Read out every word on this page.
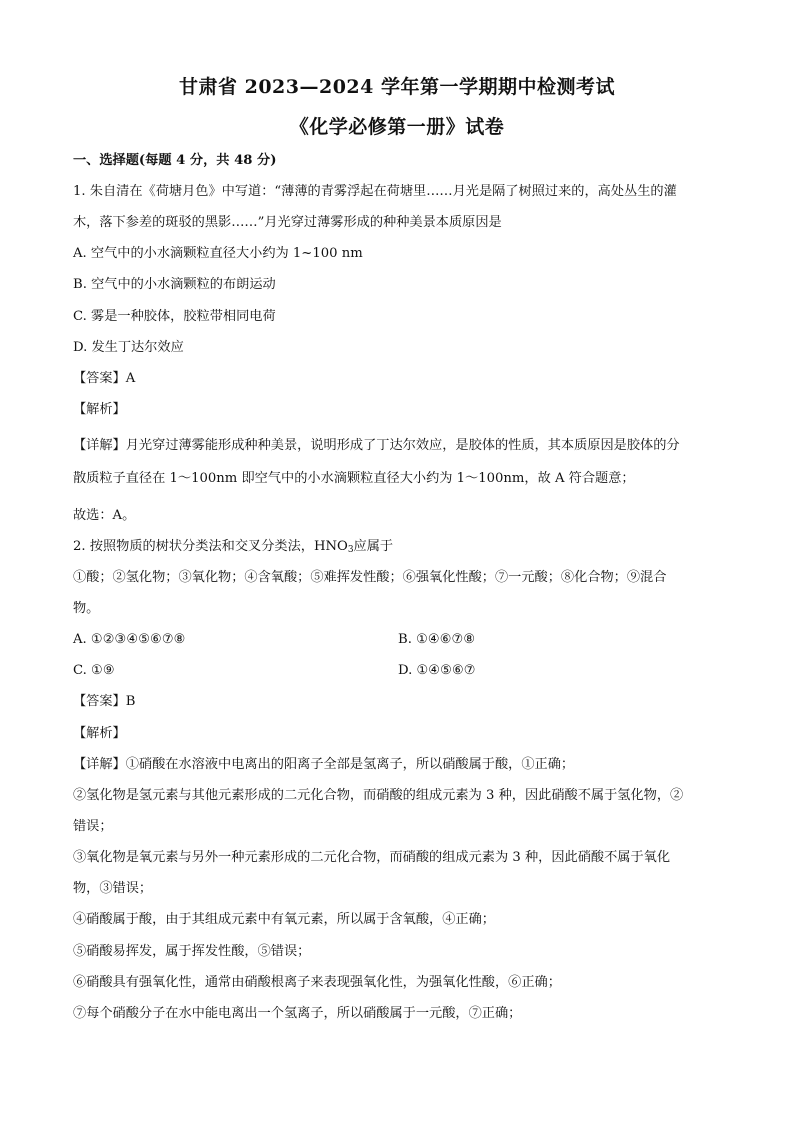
甘肃省 2023—2024 学年第一学期期中检测考试
《化学必修第一册》试卷
一、选择题(每题 4 分，共 48 分)
1. 朱自清在《荷塘月色》中写道：“薄薄的青雾浮起在荷塘里……月光是隔了树照过来的，高处丛生的灌
木，落下参差的斑驳的黑影……”月光穿过薄雾形成的种种美景本质原因是
A. 空气中的小水滴颗粒直径大小约为 1~100 nm
B. 空气中的小水滴颗粒的布朗运动
C. 雾是一种胶体，胶粒带相同电荷
D. 发生丁达尔效应
【答案】A
【解析】
【详解】月光穿过薄雾能形成种种美景，说明形成了丁达尔效应，是胶体的性质，其本质原因是胶体的分
散质粒子直径在 1～100nm 即空气中的小水滴颗粒直径大小约为 1～100nm，故 A 符合题意；
故选：A。
2. 按照物质的树状分类法和交叉分类法，$HNO_3$应属于
①酸；②氢化物；③氧化物；④含氧酸；⑤难挥发性酸；⑥强氧化性酸；⑦一元酸；⑧化合物；⑨混合
物。
A. ①②③④⑤⑥⑦⑧	B. ①④⑥⑦⑧
C. ①⑨	D. ①④⑤⑥⑦
【答案】B
【解析】
【详解】①硝酸在水溶液中电离出的阳离子全部是氢离子，所以硝酸属于酸，①正确；
②氢化物是氢元素与其他元素形成的二元化合物，而硝酸的组成元素为 3 种，因此硝酸不属于氢化物，②
错误；
③氧化物是氧元素与另外一种元素形成的二元化合物，而硝酸的组成元素为 3 种，因此硝酸不属于氧化
物，③错误；
④硝酸属于酸，由于其组成元素中有氧元素，所以属于含氧酸，④正确；
⑤硝酸易挥发，属于挥发性酸，⑤错误；
⑥硝酸具有强氧化性，通常由硝酸根离子来表现强氧化性，为强氧化性酸，⑥正确；
⑦每个硝酸分子在水中能电离出一个氢离子，所以硝酸属于一元酸，⑦正确；
